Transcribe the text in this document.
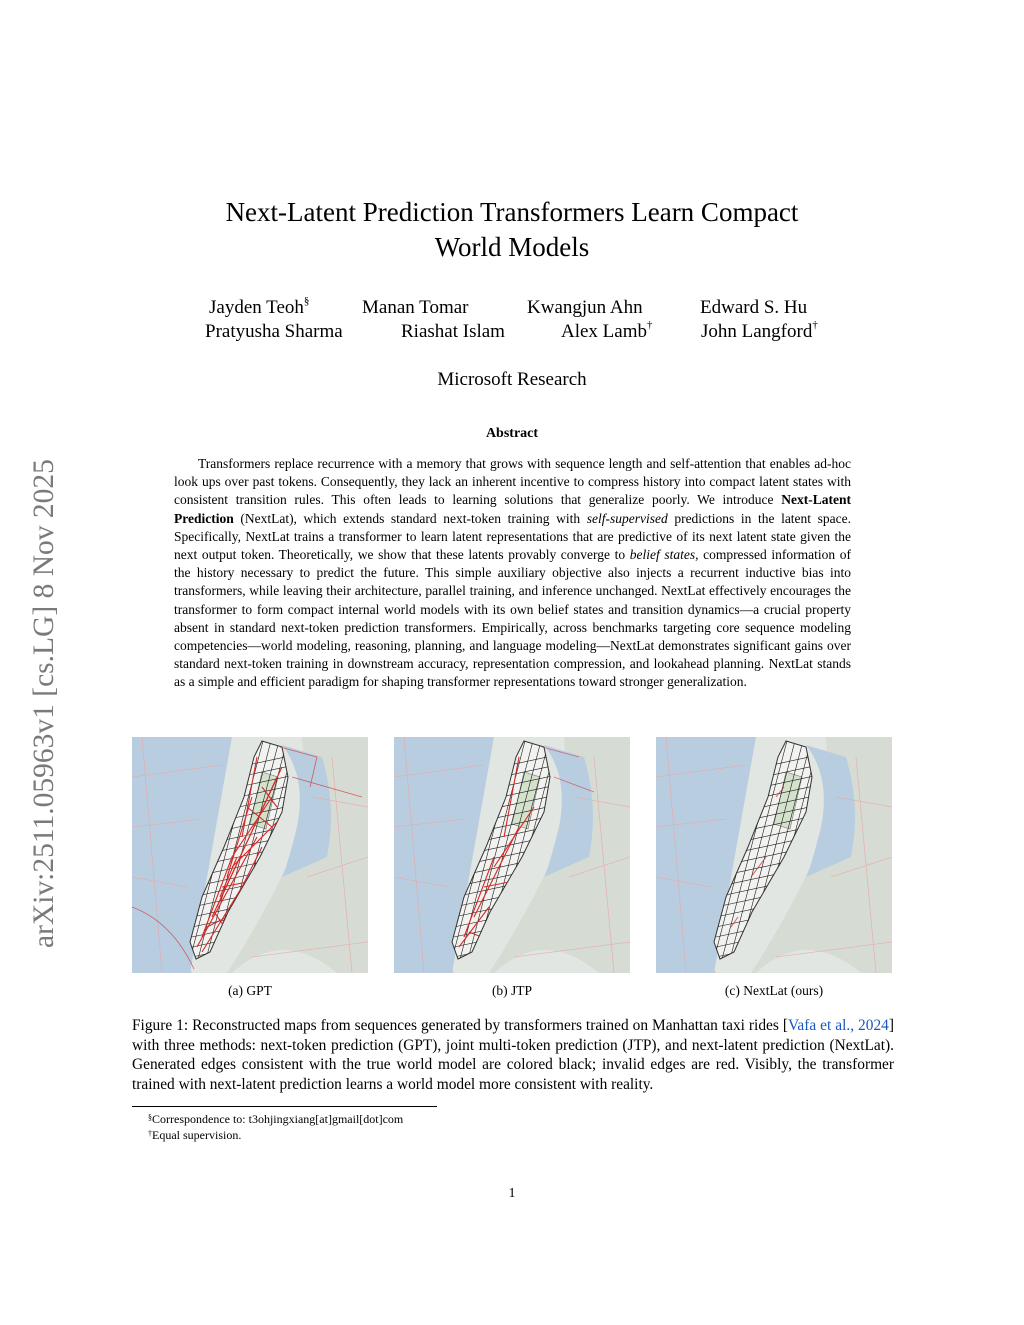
arXiv:2511.05963v1 [cs.LG] 8 Nov 2025
Next-Latent Prediction Transformers Learn Compact
World Models
Jayden Teoh§	Manan Tomar	Kwangjun Ahn	Edward S. Hu
Pratyusha Sharma	Riashat Islam	Alex Lamb†	John Langford†
Microsoft Research
Abstract

Transformers replace recurrence with a memory that grows with sequence length and self-attention that enables ad-hoc look ups over past tokens. Consequently, they lack an inherent incentive to compress history into compact latent states with consistent transition rules. This often leads to learning solutions that generalize poorly. We introduce Next-Latent Prediction (NextLat), which extends standard next-token training with self-supervised predictions in the latent space. Specifically, NextLat trains a transformer to learn latent representations that are predictive of its next latent state given the next output token. Theoretically, we show that these latents provably converge to belief states, compressed information of the history necessary to predict the future. This simple auxiliary objective also injects a recurrent inductive bias into transformers, while leaving their architecture, parallel training, and inference unchanged. NextLat effectively encourages the transformer to form compact internal world models with its own belief states and transition dynamics—a crucial property absent in standard next-token prediction transformers. Empirically, across benchmarks targeting core sequence modeling competencies—world modeling, reasoning, planning, and language modeling—NextLat demonstrates significant gains over standard next-token training in downstream accuracy, representation compression, and lookahead planning. NextLat stands as a simple and efficient paradigm for shaping transformer representations toward stronger generalization.

(a) GPT	(b) JTP	(c) NextLat (ours)

Figure 1: Reconstructed maps from sequences generated by transformers trained on Manhattan taxi rides [Vafa et al., 2024] with three methods: next-token prediction (GPT), joint multi-token prediction (JTP), and next-latent prediction (NextLat). Generated edges consistent with the true world model are colored black; invalid edges are red. Visibly, the transformer trained with next-latent prediction learns a world model more consistent with reality.

§Correspondence to: t3ohjingxiang[at]gmail[dot]com
†Equal supervision.
1
